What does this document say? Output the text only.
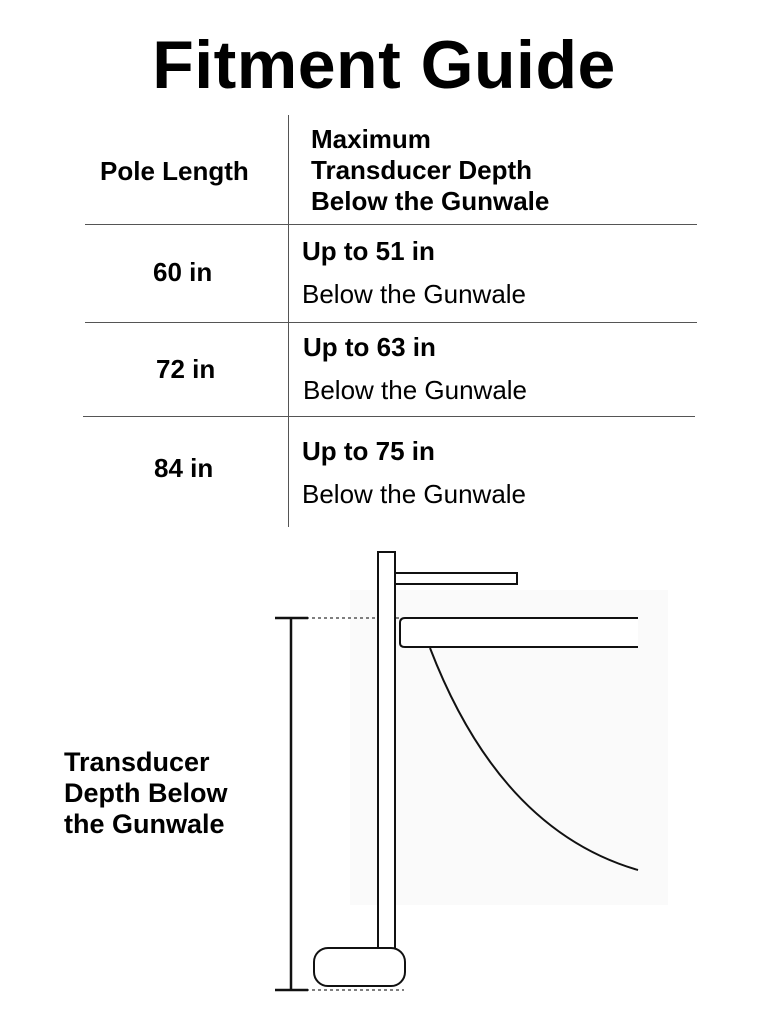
Fitment Guide
Pole Length
Maximum
Transducer Depth
Below the Gunwale
60 in
Up to 51 in
Below the Gunwale
72 in
Up to 63 in
Below the Gunwale
84 in
Up to 75 in
Below the Gunwale
Transducer
Depth Below
the Gunwale
